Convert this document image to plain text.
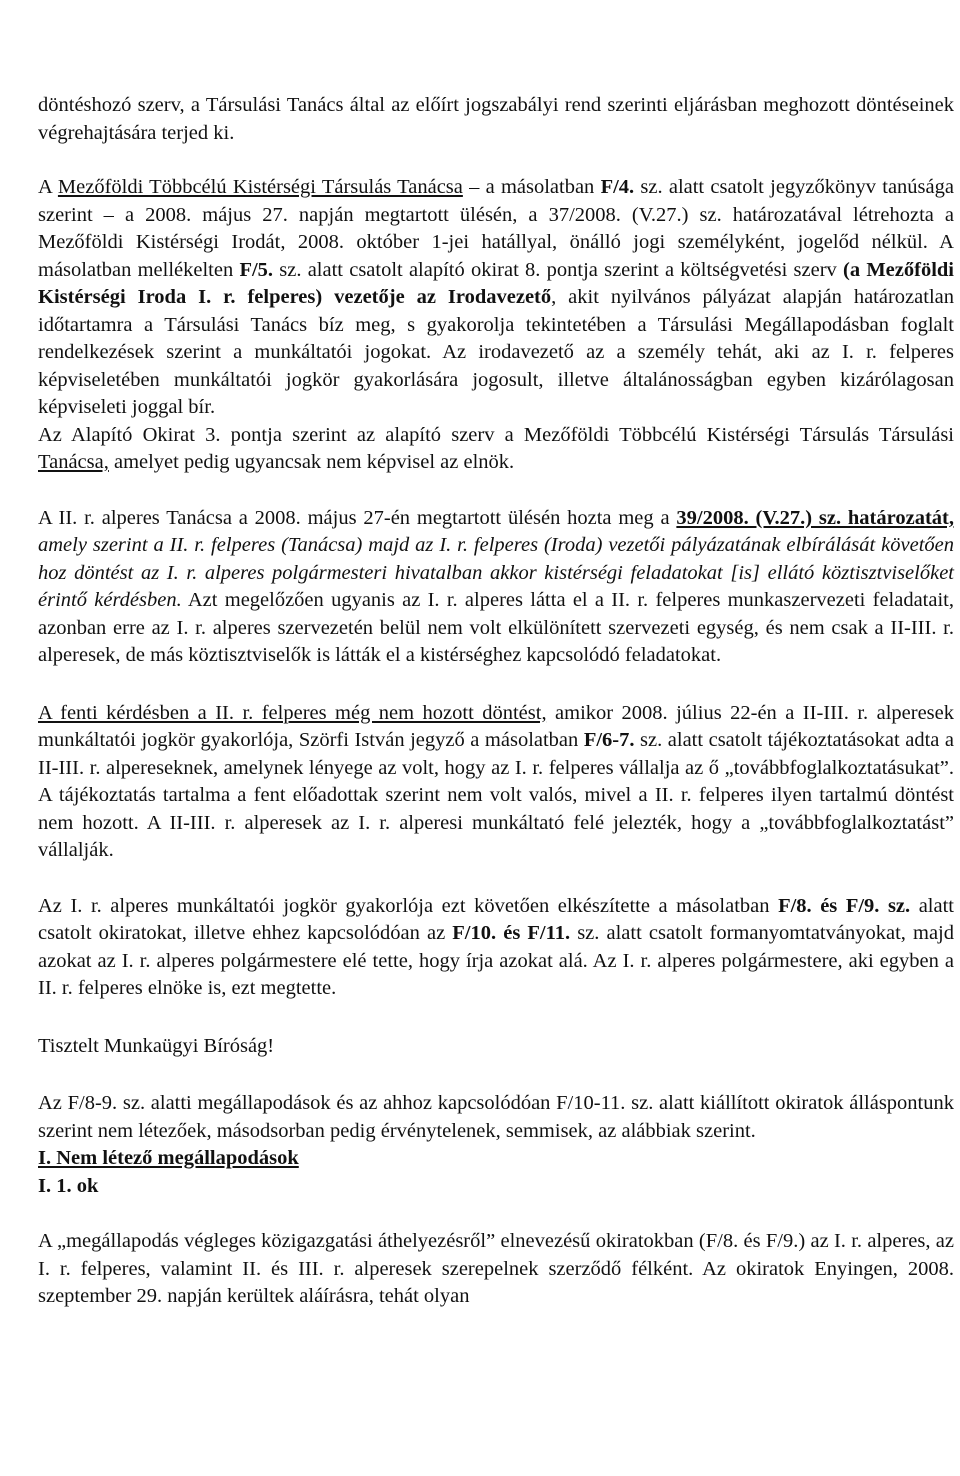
döntéshozó szerv, a Társulási Tanács által az előírt jogszabályi rend szerinti eljárásban meghozott döntéseinek végrehajtására terjed ki.

A Mezőföldi Többcélú Kistérségi Társulás Tanácsa – a másolatban F/4. sz. alatt csatolt jegyzőkönyv tanúsága szerint – a 2008. május 27. napján megtartott ülésén, a 37/2008. (V.27.) sz. határozatával létrehozta a Mezőföldi Kistérségi Irodát, 2008. október 1-jei hatállyal, önálló jogi személyként, jogelőd nélkül. A másolatban mellékelten F/5. sz. alatt csatolt alapító okirat 8. pontja szerint a költségvetési szerv (a Mezőföldi Kistérségi Iroda I. r. felperes) vezetője az Irodavezető, akit nyilvános pályázat alapján határozatlan időtartamra a Társulási Tanács bíz meg, s gyakorolja tekintetében a Társulási Megállapodásban foglalt rendelkezések szerint a munkáltatói jogokat. Az irodavezető az a személy tehát, aki az I. r. felperes képviseletében munkáltatói jogkör gyakorlására jogosult, illetve általánosságban egyben kizárólagosan képviseleti joggal bír.

Az Alapító Okirat 3. pontja szerint az alapító szerv a Mezőföldi Többcélú Kistérségi Társulás Társulási Tanácsa, amelyet pedig ugyancsak nem képvisel az elnök.

A II. r. alperes Tanácsa a 2008. május 27-én megtartott ülésén hozta meg a 39/2008. (V.27.) sz. határozatát, amely szerint a II. r. felperes (Tanácsa) majd az I. r. felperes (Iroda) vezetői pályázatának elbírálását követően hoz döntést az I. r. alperes polgármesteri hivatalban akkor kistérségi feladatokat [is] ellátó köztisztviselőket érintő kérdésben. Azt megelőzően ugyanis az I. r. alperes látta el a II. r. felperes munkaszervezeti feladatait, azonban erre az I. r. alperes szervezetén belül nem volt elkülönített szervezeti egység, és nem csak a II-III. r. alperesek, de más köztisztviselők is látták el a kistérséghez kapcsolódó feladatokat.

A fenti kérdésben a II. r. felperes még nem hozott döntést, amikor 2008. július 22-én a II-III. r. alperesek munkáltatói jogkör gyakorlója, Szörfi István jegyző a másolatban F/6-7. sz. alatt csatolt tájékoztatásokat adta a II-III. r. alpereseknek, amelynek lényege az volt, hogy az I. r. felperes vállalja az ő „továbbfoglalkoztatásukat”. A tájékoztatás tartalma a fent előadottak szerint nem volt valós, mivel a II. r. felperes ilyen tartalmú döntést nem hozott. A II-III. r. alperesek az I. r. alperesi munkáltató felé jelezték, hogy a „továbbfoglalkoztatást” vállalják.

Az I. r. alperes munkáltatói jogkör gyakorlója ezt követően elkészítette a másolatban F/8. és F/9. sz. alatt csatolt okiratokat, illetve ehhez kapcsolódóan az F/10. és F/11. sz. alatt csatolt formanyomtatványokat, majd azokat az I. r. alperes polgármestere elé tette, hogy írja azokat alá. Az I. r. alperes polgármestere, aki egyben a II. r. felperes elnöke is, ezt megtette.

Tisztelt Munkaügyi Bíróság!

Az F/8-9. sz. alatti megállapodások és az ahhoz kapcsolódóan F/10-11. sz. alatt kiállított okiratok álláspontunk szerint nem létezőek, másodsorban pedig érvénytelenek, semmisek, az alábbiak szerint.

I. Nem létező megállapodások

I. 1. ok

A „megállapodás végleges közigazgatási áthelyezésről” elnevezésű okiratokban (F/8. és F/9.) az I. r. alperes, az I. r. felperes, valamint II. és III. r. alperesek szerepelnek szerződő félként. Az okiratok Enyingen, 2008. szeptember 29. napján kerültek aláírásra, tehát olyan
